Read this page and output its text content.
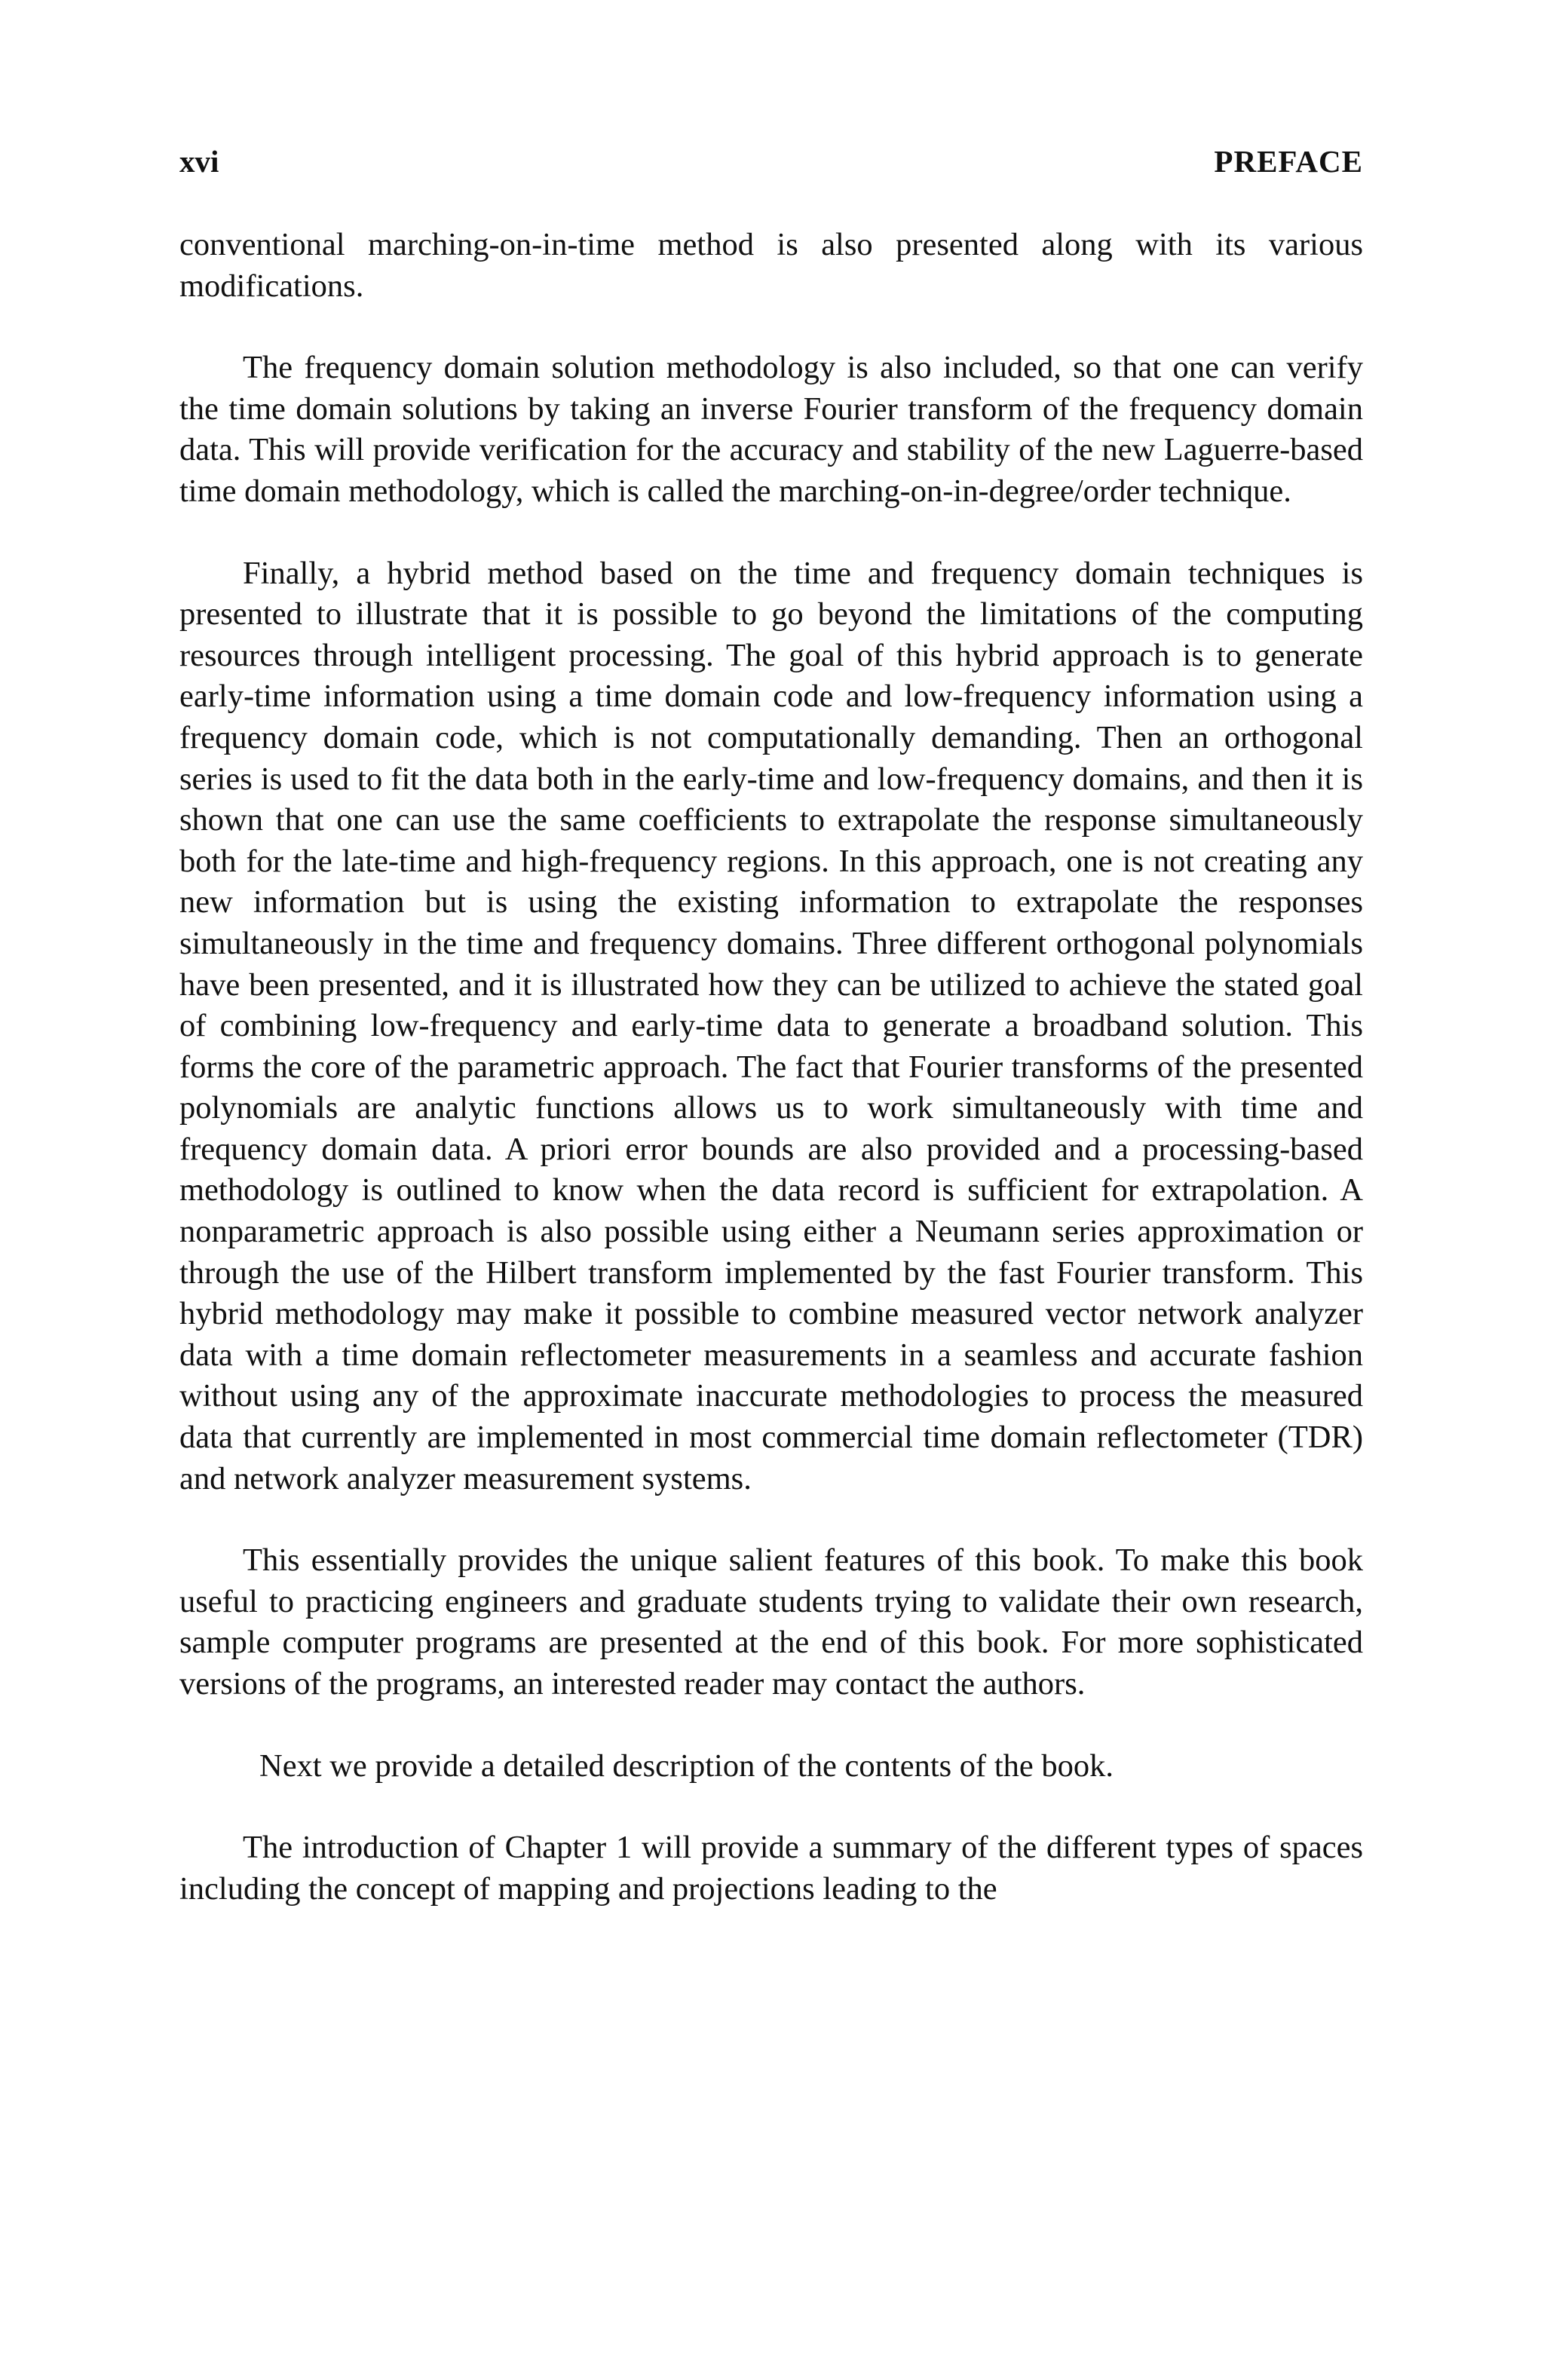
xvi	PREFACE

conventional marching-on-in-time method is also presented along with its various modifications.

The frequency domain solution methodology is also included, so that one can verify the time domain solutions by taking an inverse Fourier transform of the frequency domain data. This will provide verification for the accuracy and stability of the new Laguerre-based time domain methodology, which is called the marching-on-in-degree/order technique.

Finally, a hybrid method based on the time and frequency domain techniques is presented to illustrate that it is possible to go beyond the limitations of the computing resources through intelligent processing. The goal of this hybrid approach is to generate early-time information using a time domain code and low-frequency information using a frequency domain code, which is not computationally demanding. Then an orthogonal series is used to fit the data both in the early-time and low-frequency domains, and then it is shown that one can use the same coefficients to extrapolate the response simultaneously both for the late-time and high-frequency regions. In this approach, one is not creating any new information but is using the existing information to extrapolate the responses simultaneously in the time and frequency domains. Three different orthogonal polynomials have been presented, and it is illustrated how they can be utilized to achieve the stated goal of combining low-frequency and early-time data to generate a broadband solution. This forms the core of the parametric approach. The fact that Fourier transforms of the presented polynomials are analytic functions allows us to work simultaneously with time and frequency domain data. A priori error bounds are also provided and a processing-based methodology is outlined to know when the data record is sufficient for extrapolation. A nonparametric approach is also possible using either a Neumann series approximation or through the use of the Hilbert transform implemented by the fast Fourier transform. This hybrid methodology may make it possible to combine measured vector network analyzer data with a time domain reflectometer measurements in a seamless and accurate fashion without using any of the approximate inaccurate methodologies to process the measured data that currently are implemented in most commercial time domain reflectometer (TDR) and network analyzer measurement systems.

This essentially provides the unique salient features of this book. To make this book useful to practicing engineers and graduate students trying to validate their own research, sample computer programs are presented at the end of this book. For more sophisticated versions of the programs, an interested reader may contact the authors.

Next we provide a detailed description of the contents of the book.

The introduction of Chapter 1 will provide a summary of the different types of spaces including the concept of mapping and projections leading to the
